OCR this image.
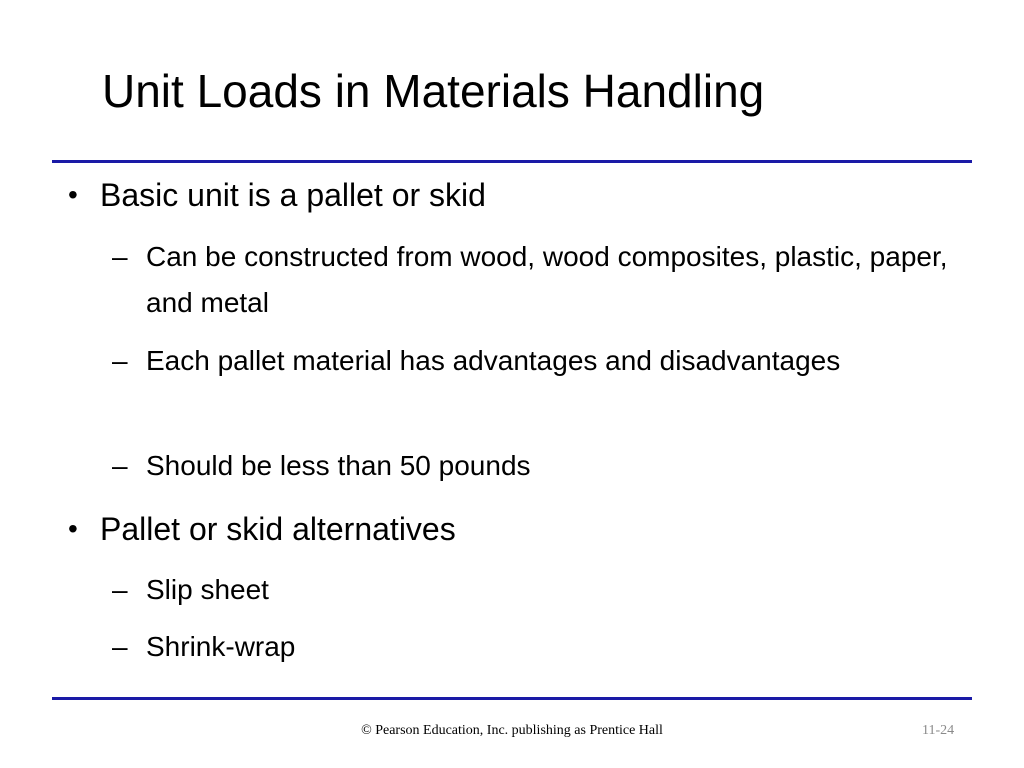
Unit Loads in Materials Handling
• Basic unit is a pallet or skid
– Can be constructed from wood, wood composites, plastic, paper, and metal
– Each pallet material has advantages and disadvantages
– Should be less than 50 pounds
• Pallet or skid alternatives
– Slip sheet
– Shrink-wrap
© Pearson Education, Inc. publishing as Prentice Hall	11-24
